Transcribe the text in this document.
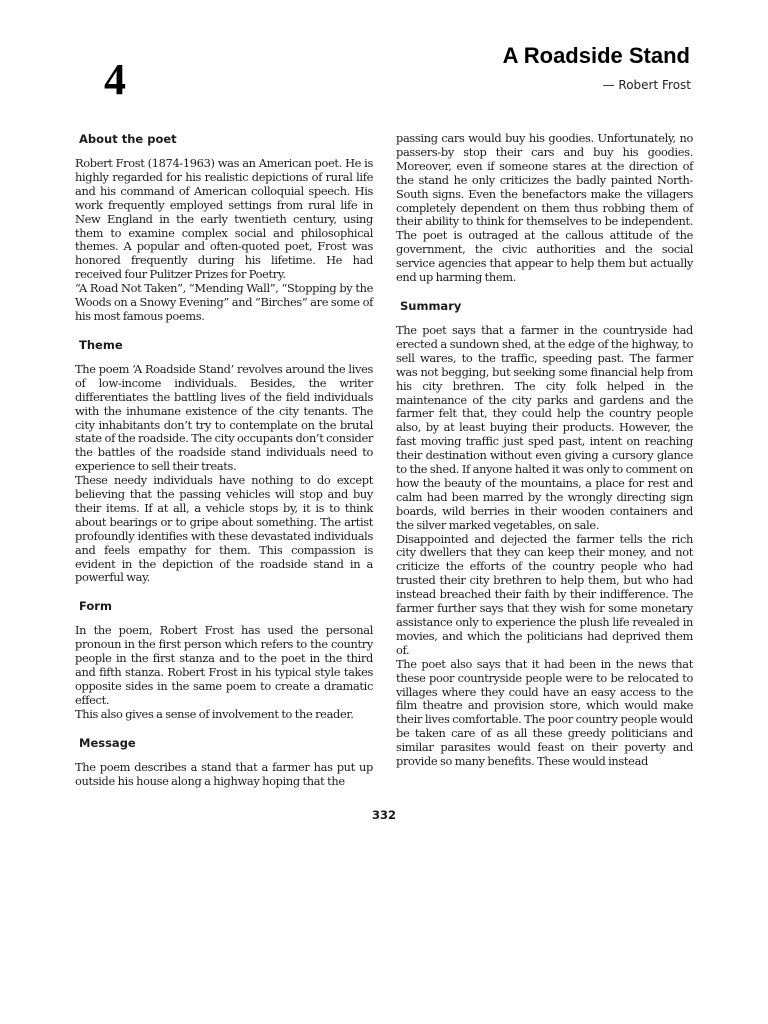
4	A Roadside Stand
— Robert Frost
About the poet

Robert Frost (1874-1963) was an American poet. He is highly regarded for his realistic depictions of rural life and his command of American colloquial speech. His work frequently employed settings from rural life in New England in the early twentieth century, using them to examine complex social and philosophical themes. A popular and often-quoted poet, Frost was honored frequently during his lifetime. He had received four Pulitzer Prizes for Poetry.

“A Road Not Taken”, “Mending Wall”, “Stopping by the Woods on a Snowy Evening” and “Birches” are some of his most famous poems.

Theme

The poem ‘A Roadside Stand’ revolves around the lives of low-income individuals. Besides, the writer differentiates the battling lives of the field individuals with the inhumane existence of the city tenants. The city inhabitants don’t try to contemplate on the brutal state of the roadside. The city occupants don’t consider the battles of the roadside stand individuals need to experience to sell their treats.

These needy individuals have nothing to do except believing that the passing vehicles will stop and buy their items. If at all, a vehicle stops by, it is to think about bearings or to gripe about something. The artist profoundly identifies with these devastated individuals and feels empathy for them. This compassion is evident in the depiction of the roadside stand in a powerful way.

Form

In the poem, Robert Frost has used the personal pronoun in the first person which refers to the country people in the first stanza and to the poet in the third and fifth stanza. Robert Frost in his typical style takes opposite sides in the same poem to create a dramatic effect.

This also gives a sense of involvement to the reader.

Message

The poem describes a stand that a farmer has put up outside his house along a highway hoping that the

passing cars would buy his goodies. Unfortunately, no passers-by stop their cars and buy his goodies. Moreover, even if someone stares at the direction of the stand he only criticizes the badly painted North-South signs. Even the benefactors make the villagers completely dependent on them thus robbing them of their ability to think for themselves to be independent. The poet is outraged at the callous attitude of the government, the civic authorities and the social service agencies that appear to help them but actually end up harming them.

Summary

The poet says that a farmer in the countryside had erected a sundown shed, at the edge of the highway, to sell wares, to the traffic, speeding past. The farmer was not begging, but seeking some financial help from his city brethren. The city folk helped in the maintenance of the city parks and gardens and the farmer felt that, they could help the country people also, by at least buying their products. However, the fast moving traffic just sped past, intent on reaching their destination without even giving a cursory glance to the shed. If anyone halted it was only to comment on how the beauty of the mountains, a place for rest and calm had been marred by the wrongly directing sign boards, wild berries in their wooden containers and the silver marked vegetables, on sale.

Disappointed and dejected the farmer tells the rich city dwellers that they can keep their money, and not criticize the efforts of the country people who had trusted their city brethren to help them, but who had instead breached their faith by their indifference. The farmer further says that they wish for some monetary assistance only to experience the plush life revealed in movies, and which the politicians had deprived them of.

The poet also says that it had been in the news that these poor countryside people were to be relocated to villages where they could have an easy access to the film theatre and provision store, which would make their lives comfortable. The poor country people would be taken care of as all these greedy politicians and similar parasites would feast on their poverty and provide so many benefits. These would instead

332
